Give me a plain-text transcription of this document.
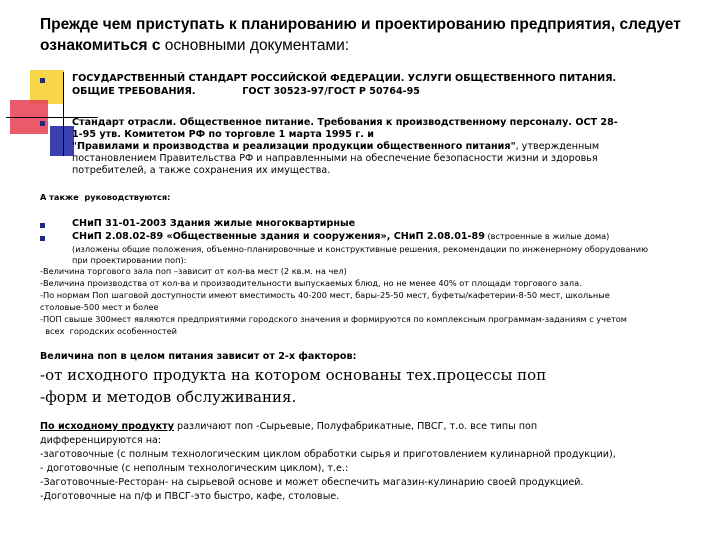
Прежде чем приступать к планированию и проектированию предприятия, следует ознакомиться с основными документами:
ГОСУДАРСТВЕННЫЙ СТАНДАРТ РОССИЙСКОЙ ФЕДЕРАЦИИ. УСЛУГИ ОБЩЕСТВЕННОГО ПИТАНИЯ.
ОБЩИЕ ТРЕБОВАНИЯ.              ГОСТ 30523-97/ГОСТ Р 50764-95
Стандарт отрасли. Общественное питание. Требования к производственному персоналу. ОСТ 28-
1-95 утв. Комитетом РФ по торговле 1 марта 1995 г. и
"Правилами и производства и реализации продукции общественного питания", утвержденным
постановлением Правительства РФ и направленными на обеспечение безопасности жизни и здоровья
потребителей, а также сохранения их имущества.
А также  руководствуются:
СНиП 31-01-2003 Здания жилые многоквартирные
СНиП 2.08.02-89 «Общественные здания и сооружения», СНиП 2.08.01-89 (встроенные в жилые дома)
(изложены общие положения, объемно-планировочные и конструктивные решения, рекомендации по инженерному оборудованию
при проектировании поп):
-Величина торгового зала поп –зависит от кол-ва мест (2 кв.м. на чел)
-Величина производства от кол-ва и производительности выпускаемых блюд, но не менее 40% от площади торгового зала.
-По нормам Поп шаговой доступности имеют вместимость 40-200 мест, бары-25-50 мест, буфеты/кафетерии-8-50 мест, школьные
столовые-500 мест и более
-ПОП свыше 300мест являются предприятиями городского значения и формируются по комплексным программам-заданиям с учетом
всех  городских особенностей
Величина поп в целом питания зависит от 2-х факторов:
-от исходного продукта на котором основаны тех.процессы поп
-форм и методов обслуживания.
По исходному продукту различают поп -Сырьевые, Полуфабрикатные, ПВСГ, т.о. все типы поп
дифференцируются на:
-заготовочные (с полным технологическим циклом обработки сырья и приготовлением кулинарной продукции),
- доготовочные (с неполным технологическим циклом), т.е.:
-Заготовочные-Ресторан- на сырьевой основе и может обеспечить магазин-кулинарию своей продукцией.
-Доготовочные на п/ф и ПВСГ-это быстро, кафе, столовые.
